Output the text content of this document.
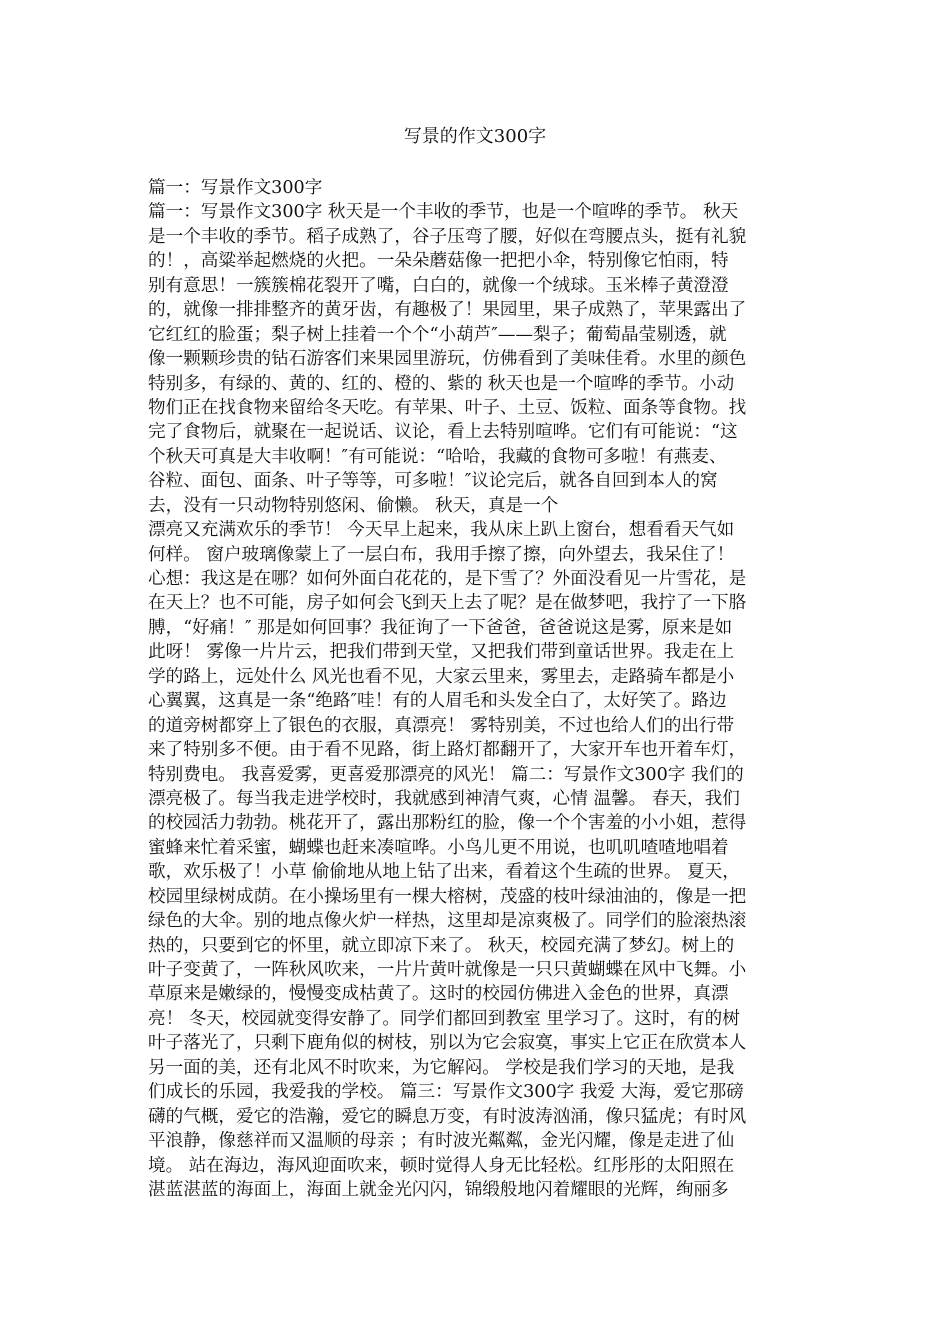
写景的作文300字
篇一：写景作文300字
篇一：写景作文300字 秋天是一个丰收的季节，也是一个喧哗的季节。 秋天
是一个丰收的季节。稻子成熟了，谷子压弯了腰，好似在弯腰点头，挺有礼貌
的！，高粱举起燃烧的火把。一朵朵蘑菇像一把把小伞，特别像它怕雨，特
别有意思！一簇簇棉花裂开了嘴，白白的，就像一个绒球。玉米棒子黄澄澄
的，就像一排排整齐的黄牙齿，有趣极了！果园里，果子成熟了，苹果露出了
它红红的脸蛋；梨子树上挂着一个个“小葫芦″——梨子；葡萄晶莹剔透，就
像一颗颗珍贵的钻石游客们来果园里游玩，仿佛看到了美味佳肴。水里的颜色
特别多，有绿的、黄的、红的、橙的、紫的 秋天也是一个喧哗的季节。小动
物们正在找食物来留给冬天吃。有苹果、叶子、土豆、饭粒、面条等食物。找
完了食物后，就聚在一起说话、议论，看上去特别喧哗。它们有可能说：“这
个秋天可真是大丰收啊！″有可能说：“哈哈，我藏的食物可多啦！有燕麦、
谷粒、面包、面条、叶子等等，可多啦！″议论完后，就各自回到本人的窝
去，没有一只动物特别悠闲、偷懒。 秋天，真是一个
漂亮又充满欢乐的季节！ 今天早上起来，我从床上趴上窗台，想看看天气如
何样。 窗户玻璃像蒙上了一层白布，我用手擦了擦，向外望去，我呆住了！
心想：我这是在哪？如何外面白花花的，是下雪了？外面没看见一片雪花，是
在天上？也不可能，房子如何会飞到天上去了呢？是在做梦吧，我拧了一下胳
膊，“好痛！″ 那是如何回事？我征询了一下爸爸，爸爸说这是雾，原来是如
此呀！ 雾像一片片云，把我们带到天堂，又把我们带到童话世界。我走在上
学的路上，远处什么 风光也看不见，大家云里来，雾里去，走路骑车都是小
心翼翼，这真是一条“绝路″哇！有的人眉毛和头发全白了，太好笑了。路边
的道旁树都穿上了银色的衣服，真漂亮！ 雾特别美，不过也给人们的出行带
来了特别多不便。由于看不见路，街上路灯都翻开了，大家开车也开着车灯，
特别费电。 我喜爱雾，更喜爱那漂亮的风光！ 篇二：写景作文300字 我们的
漂亮极了。每当我走进学校时，我就感到神清气爽，心情 温馨。 春天，我们
的校园活力勃勃。桃花开了，露出那粉红的脸，像一个个害羞的小小姐，惹得
蜜蜂来忙着采蜜，蝴蝶也赶来凑喧哗。小鸟儿更不用说，也叽叽喳喳地唱着
歌，欢乐极了！小草 偷偷地从地上钻了出来，看着这个生疏的世界。 夏天，
校园里绿树成荫。在小操场里有一棵大榕树，茂盛的枝叶绿油油的，像是一把
绿色的大伞。别的地点像火炉一样热，这里却是凉爽极了。同学们的脸滚热滚
热的，只要到它的怀里，就立即凉下来了。 秋天，校园充满了梦幻。树上的
叶子变黄了，一阵秋风吹来，一片片黄叶就像是一只只黄蝴蝶在风中飞舞。小
草原来是嫩绿的，慢慢变成枯黄了。这时的校园仿佛进入金色的世界，真漂
亮！ 冬天，校园就变得安静了。同学们都回到教室 里学习了。这时，有的树
叶子落光了，只剩下鹿角似的树枝，别以为它会寂寞，事实上它正在欣赏本人
另一面的美，还有北风不时吹来，为它解闷。 学校是我们学习的天地，是我
们成长的乐园，我爱我的学校。 篇三：写景作文300字 我爱 大海，爱它那磅
礴的气概，爱它的浩瀚，爱它的瞬息万变，有时波涛汹涌，像只猛虎；有时风
平浪静，像慈祥而又温顺的母亲 ；有时波光粼粼，金光闪耀，像是走进了仙
境。 站在海边，海风迎面吹来，顿时觉得人身无比轻松。红彤彤的太阳照在
湛蓝湛蓝的海面上，海面上就金光闪闪，锦缎般地闪着耀眼的光辉，绚丽多
